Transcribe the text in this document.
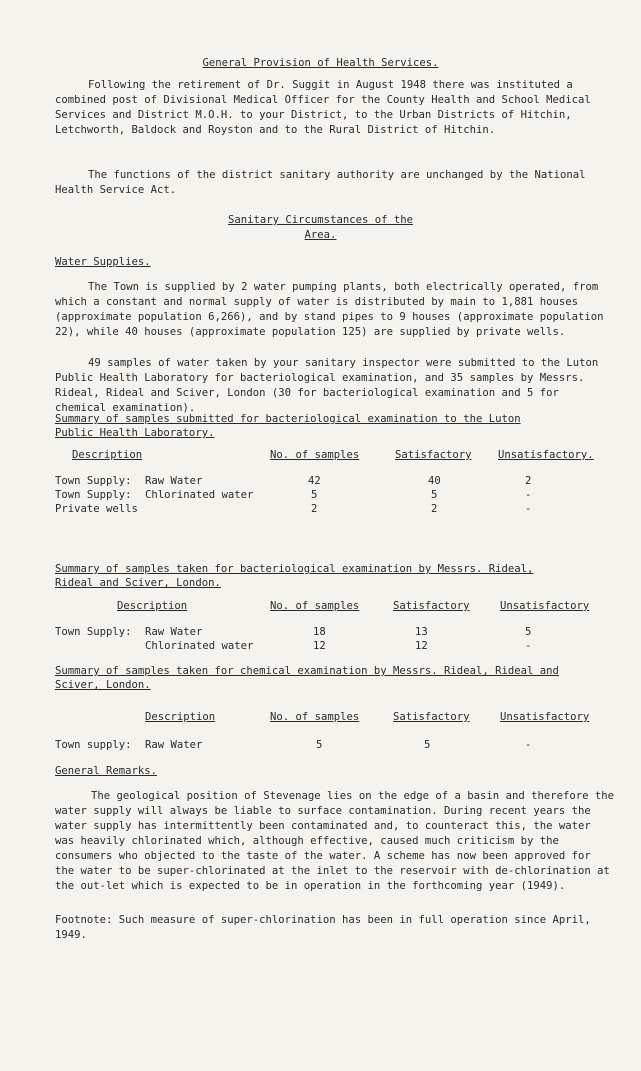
General Provision of Health Services.
Following the retirement of Dr. Suggit in August 1948 there was instituted a combined post of Divisional Medical Officer for the County Health and School Medical Services and District M.O.H. to your District, to the Urban Districts of Hitchin, Letchworth, Baldock and Royston and to the Rural District of Hitchin.
The functions of the district sanitary authority are unchanged by the National Health Service Act.
Sanitary Circumstances of the
Area.
Water Supplies.
The Town is supplied by 2 water pumping plants, both electrically operated, from which a constant and normal supply of water is distributed by main to 1,881 houses (approximate population 6,266), and by stand pipes to 9 houses (approximate population 22), while 40 houses (approximate population 125) are supplied by private wells.
49 samples of water taken by your sanitary inspector were submitted to the Luton Public Health Laboratory for bacteriological examination, and 35 samples by Messrs. Rideal, Rideal and Sciver, London (30 for bacteriological examination and 5 for chemical examination).
Summary of samples submitted for bacteriological examination to the Luton
Public Health Laboratory.
Description	No. of samples	Satisfactory Unsatisfactory.
Town Supply: Raw Water	42	40	2
Town Supply: Chlorinated water	5	5	-
Private wells	2	2	-
Summary of samples taken for bacteriological examination by Messrs. Rideal,
Rideal and Sciver, London.
Description	No. of samples	Satisfactory	Unsatisfactory
Town Supply: Raw Water	18	13	5
Chlorinated water	12	12	-
Summary of samples taken for chemical examination by Messrs. Rideal, Rideal and
Sciver, London.
Description	No. of samples	Satisfactory	Unsatisfactory
Town supply: Raw Water	5	5	-
General Remarks.
The geological position of Stevenage lies on the edge of a basin and therefore the water supply will always be liable to surface contamination. During recent years the water supply has intermittently been contaminated and, to counteract this, the water was heavily chlorinated which, although effective, caused much criticism by the consumers who objected to the taste of the water. A scheme has now been approved for the water to be super-chlorinated at the inlet to the reservoir with de-chlorination at the out-let which is expected to be in operation in the forthcoming year (1949).
Footnote: Such measure of super-chlorination has been in full operation since April, 1949.
